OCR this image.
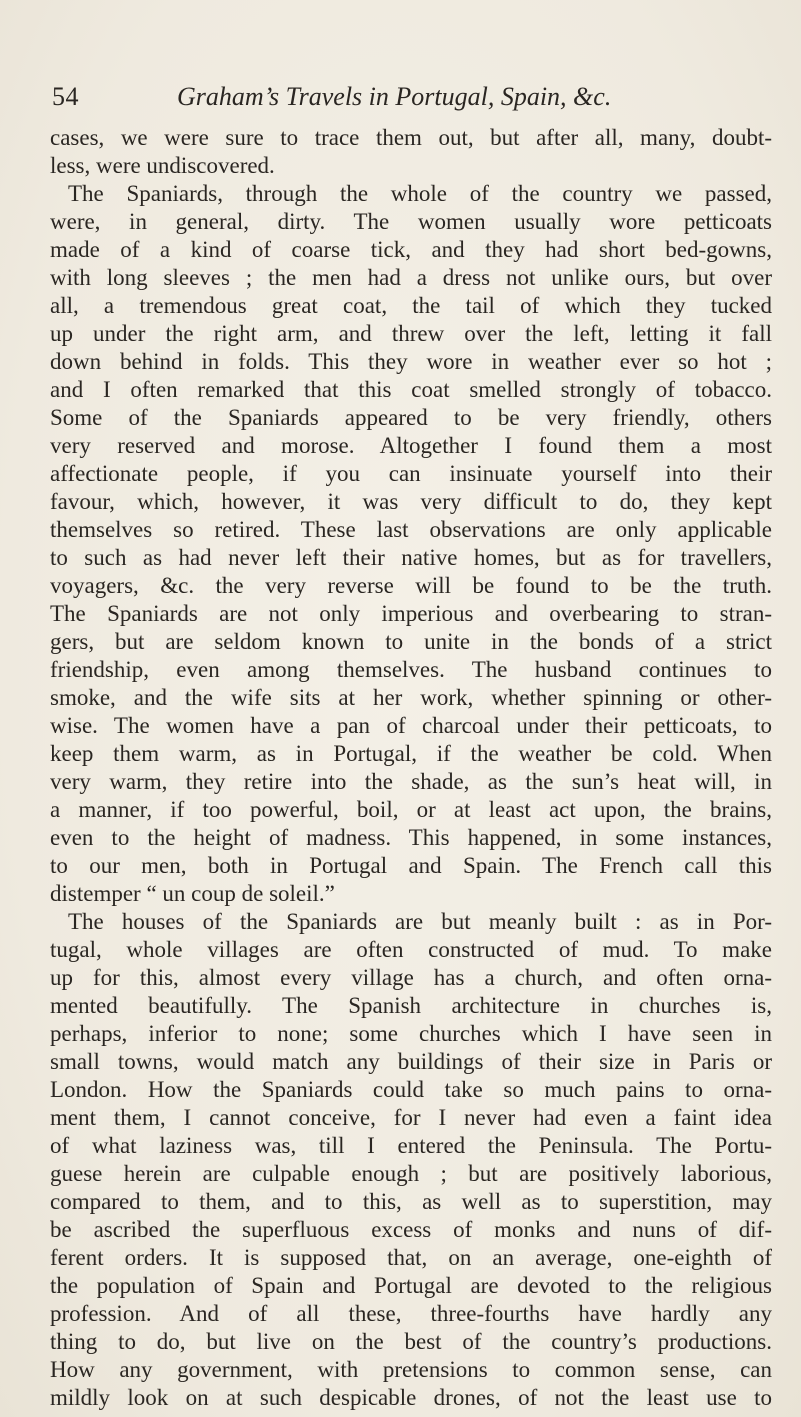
54	Graham’s Travels in Portugal, Spain, &c.
cases, we were sure to trace them out, but after all, many, doubt-
less, were undiscovered.
The Spaniards, through the whole of the country we passed,
were, in general, dirty. The women usually wore petticoats
made of a kind of coarse tick, and they had short bed-gowns,
with long sleeves ; the men had a dress not unlike ours, but over
all, a tremendous great coat, the tail of which they tucked
up under the right arm, and threw over the left, letting it fall
down behind in folds. This they wore in weather ever so hot ;
and I often remarked that this coat smelled strongly of tobacco.
Some of the Spaniards appeared to be very friendly, others
very reserved and morose. Altogether I found them a most
affectionate people, if you can insinuate yourself into their
favour, which, however, it was very difficult to do, they kept
themselves so retired. These last observations are only applicable
to such as had never left their native homes, but as for travellers,
voyagers, &c. the very reverse will be found to be the truth.
The Spaniards are not only imperious and overbearing to stran-
gers, but are seldom known to unite in the bonds of a strict
friendship, even among themselves. The husband continues to
smoke, and the wife sits at her work, whether spinning or other-
wise. The women have a pan of charcoal under their petticoats, to
keep them warm, as in Portugal, if the weather be cold. When
very warm, they retire into the shade, as the sun’s heat will, in
a manner, if too powerful, boil, or at least act upon, the brains,
even to the height of madness. This happened, in some instances,
to our men, both in Portugal and Spain. The French call this
distemper “ un coup de soleil.”
The houses of the Spaniards are but meanly built : as in Por-
tugal, whole villages are often constructed of mud. To make
up for this, almost every village has a church, and often orna-
mented beautifully. The Spanish architecture in churches is,
perhaps, inferior to none; some churches which I have seen in
small towns, would match any buildings of their size in Paris or
London. How the Spaniards could take so much pains to orna-
ment them, I cannot conceive, for I never had even a faint idea
of what laziness was, till I entered the Peninsula. The Portu-
guese herein are culpable enough ; but are positively laborious,
compared to them, and to this, as well as to superstition, may
be ascribed the superfluous excess of monks and nuns of dif-
ferent orders. It is supposed that, on an average, one-eighth of
the population of Spain and Portugal are devoted to the religious
profession. And of all these, three-fourths have hardly any
thing to do, but live on the best of the country’s productions.
How any government, with pretensions to common sense, can
mildly look on at such despicable drones, of not the least use to
